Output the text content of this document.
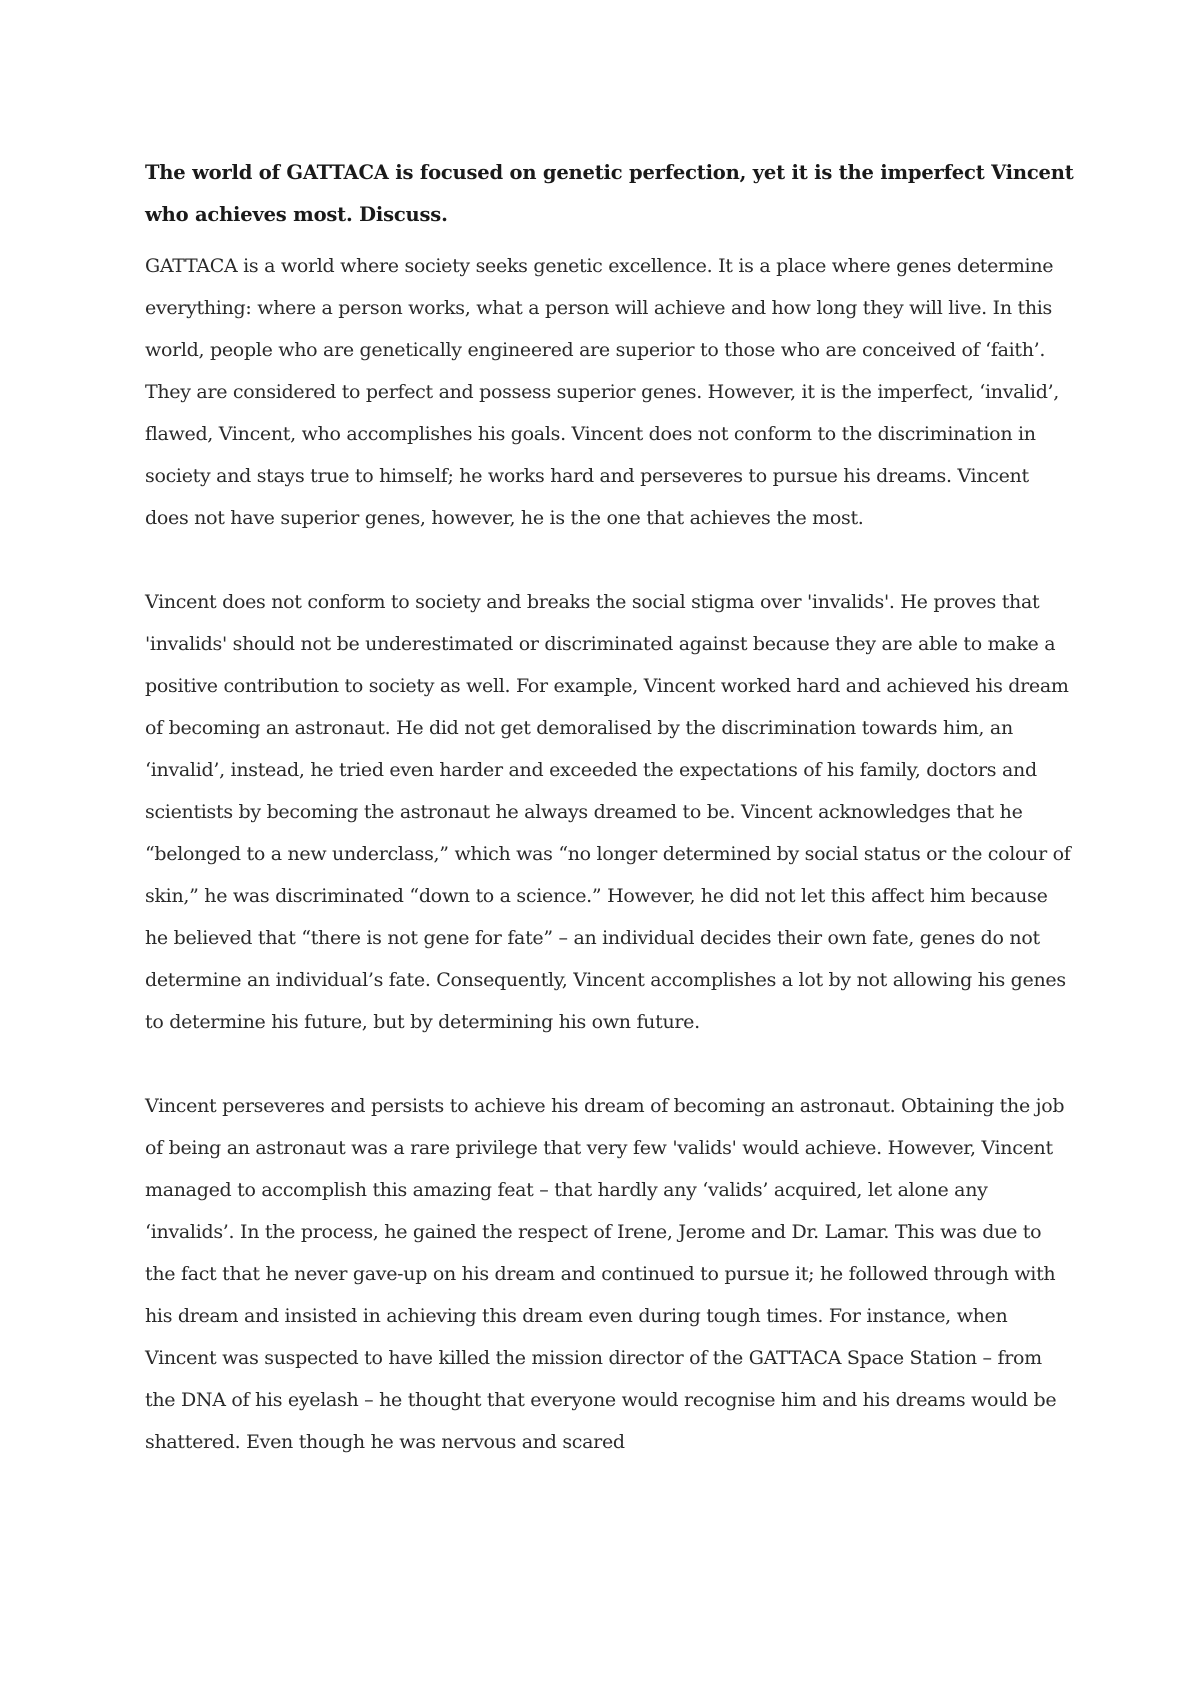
The world of GATTACA is focused on genetic perfection, yet it is the imperfect Vincent who achieves most. Discuss.

GATTACA is a world where society seeks genetic excellence. It is a place where genes determine everything: where a person works, what a person will achieve and how long they will live. In this world, people who are genetically engineered are superior to those who are conceived of ‘faith’. They are considered to perfect and possess superior genes. However, it is the imperfect, ‘invalid’, flawed, Vincent, who accomplishes his goals. Vincent does not conform to the discrimination in society and stays true to himself; he works hard and perseveres to pursue his dreams. Vincent does not have superior genes, however, he is the one that achieves the most.

Vincent does not conform to society and breaks the social stigma over 'invalids'. He proves that 'invalids' should not be underestimated or discriminated against because they are able to make a positive contribution to society as well. For example, Vincent worked hard and achieved his dream of becoming an astronaut. He did not get demoralised by the discrimination towards him, an ‘invalid’, instead, he tried even harder and exceeded the expectations of his family, doctors and scientists by becoming the astronaut he always dreamed to be. Vincent acknowledges that he “belonged to a new underclass,” which was “no longer determined by social status or the colour of skin,” he was discriminated “down to a science.” However, he did not let this affect him because he believed that “there is not gene for fate” – an individual decides their own fate, genes do not determine an individual’s fate. Consequently, Vincent accomplishes a lot by not allowing his genes to determine his future, but by determining his own future.

Vincent perseveres and persists to achieve his dream of becoming an astronaut. Obtaining the job of being an astronaut was a rare privilege that very few 'valids' would achieve. However, Vincent managed to accomplish this amazing feat – that hardly any ‘valids’ acquired, let alone any ‘invalids’. In the process, he gained the respect of Irene, Jerome and Dr. Lamar. This was due to the fact that he never gave-up on his dream and continued to pursue it; he followed through with his dream and insisted in achieving this dream even during tough times. For instance, when Vincent was suspected to have killed the mission director of the GATTACA Space Station – from the DNA of his eyelash – he thought that everyone would recognise him and his dreams would be shattered. Even though he was nervous and scared
